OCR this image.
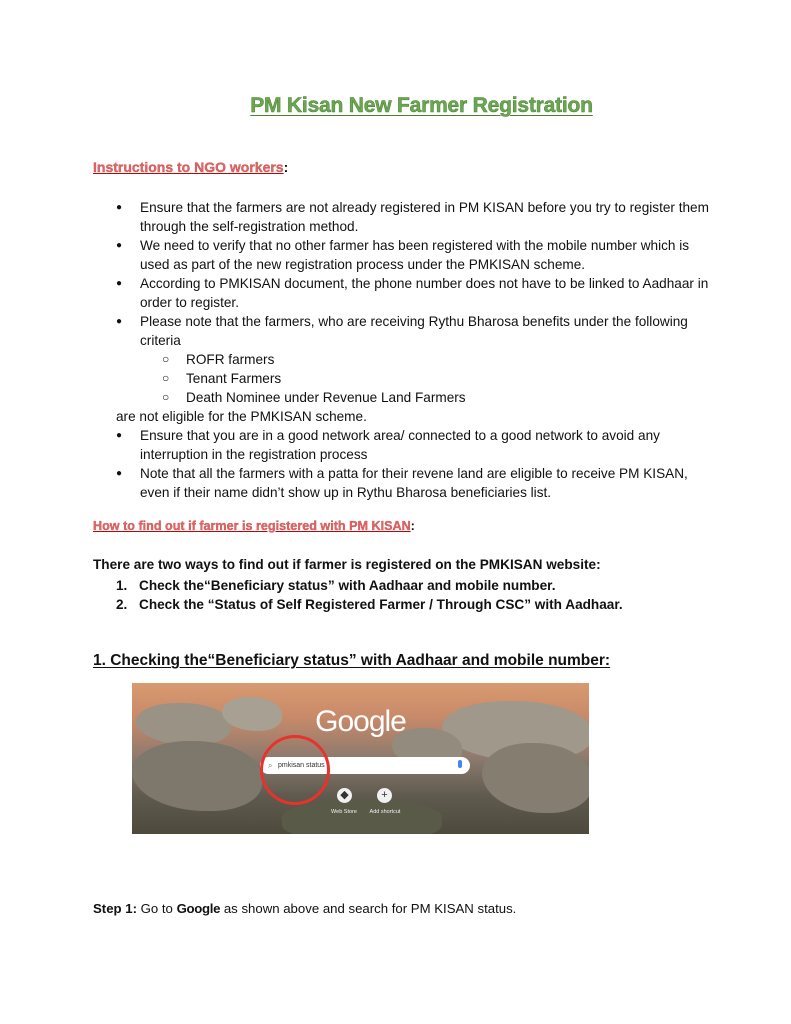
PM Kisan New Farmer Registration
Instructions to NGO workers:
● Ensure that the farmers are not already registered in PM KISAN before you try to register them through the self-registration method.
● We need to verify that no other farmer has been registered with the mobile number which is used as part of the new registration process under the PMKISAN scheme.
● According to PMKISAN document, the phone number does not have to be linked to Aadhaar in order to register.
● Please note that the farmers, who are receiving Rythu Bharosa benefits under the following criteria
○ ROFR farmers
○ Tenant Farmers
○ Death Nominee under Revenue Land Farmers
are not eligible for the PMKISAN scheme.
● Ensure that you are in a good network area/ connected to a good network to avoid any interruption in the registration process
● Note that all the farmers with a patta for their revene land are eligible to receive PM KISAN, even if their name didn’t show up in Rythu Bharosa beneficiaries list.
How to find out if farmer is registered with PM KISAN:
There are two ways to find out if farmer is registered on the PMKISAN website:
1. Check the“Beneficiary status” with Aadhaar and mobile number.
2. Check the “Status of Self Registered Farmer / Through CSC” with Aadhaar.
1. Checking the“Beneficiary status” with Aadhaar and mobile number:
Google
⌕ pmkisan status
◆
Web Store
+
Add shortcut
Step 1: Go to Google as shown above and search for PM KISAN status.
